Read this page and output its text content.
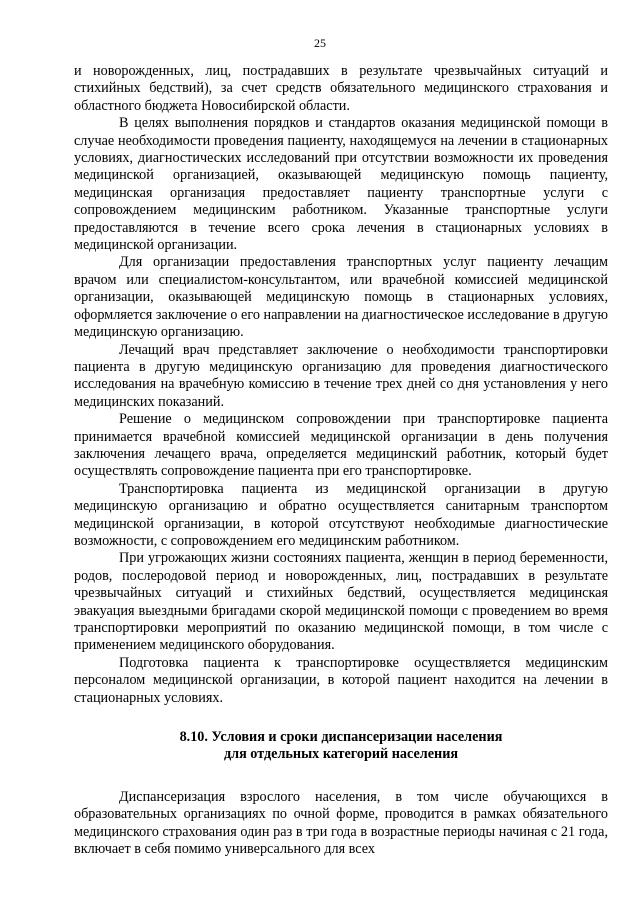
25

и новорожденных, лиц, пострадавших в результате чрезвычайных ситуаций и стихийных бедствий), за счет средств обязательного медицинского страхования и областного бюджета Новосибирской области.

В целях выполнения порядков и стандартов оказания медицинской помощи в случае необходимости проведения пациенту, находящемуся на лечении в стационарных условиях, диагностических исследований при отсутствии возможности их проведения медицинской организацией, оказывающей медицинскую помощь пациенту, медицинская организация предоставляет пациенту транспортные услуги с сопровождением медицинским работником. Указанные транспортные услуги предоставляются в течение всего срока лечения в стационарных условиях в медицинской организации.

Для организации предоставления транспортных услуг пациенту лечащим врачом или специалистом-консультантом, или врачебной комиссией медицинской организации, оказывающей медицинскую помощь в стационарных условиях, оформляется заключение о его направлении на диагностическое исследование в другую медицинскую организацию.

Лечащий врач представляет заключение о необходимости транспортировки пациента в другую медицинскую организацию для проведения диагностического исследования на врачебную комиссию в течение трех дней со дня установления у него медицинских показаний.

Решение о медицинском сопровождении при транспортировке пациента принимается врачебной комиссией медицинской организации в день получения заключения лечащего врача, определяется медицинский работник, который будет осуществлять сопровождение пациента при его транспортировке.

Транспортировка пациента из медицинской организации в другую медицинскую организацию и обратно осуществляется санитарным транспортом медицинской организации, в которой отсутствуют необходимые диагностические возможности, с сопровождением его медицинским работником.

При угрожающих жизни состояниях пациента, женщин в период беременности, родов, послеродовой период и новорожденных, лиц, пострадавших в результате чрезвычайных ситуаций и стихийных бедствий, осуществляется медицинская эвакуация выездными бригадами скорой медицинской помощи с проведением во время транспортировки мероприятий по оказанию медицинской помощи, в том числе с применением медицинского оборудования.

Подготовка пациента к транспортировке осуществляется медицинским персоналом медицинской организации, в которой пациент находится на лечении в стационарных условиях.

8.10. Условия и сроки диспансеризации населения
для отдельных категорий населения

Диспансеризация взрослого населения, в том числе обучающихся в образовательных организациях по очной форме, проводится в рамках обязательного медицинского страхования один раз в три года в возрастные периоды начиная с 21 года, включает в себя помимо универсального для всех
